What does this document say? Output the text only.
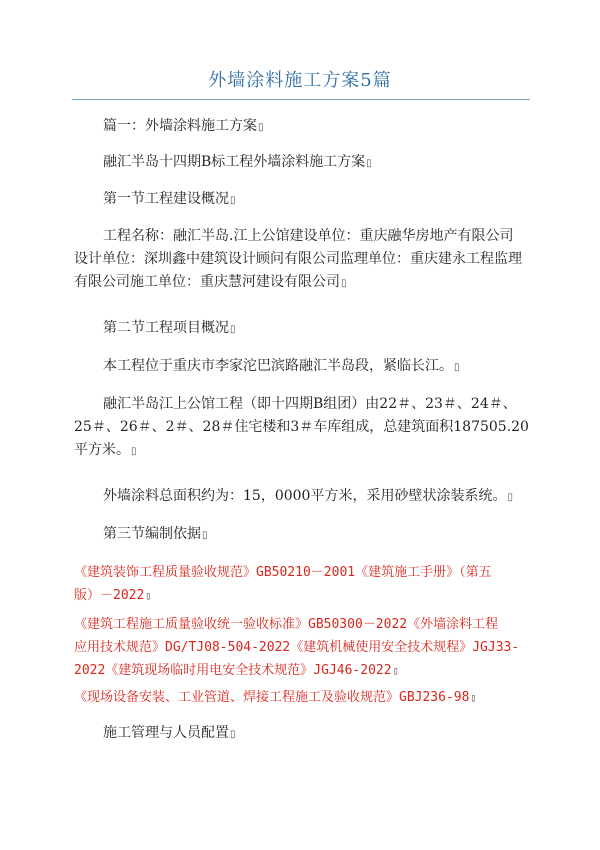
外墙涂料施工方案5篇
篇一：外墙涂料施工方案▯
融汇半岛十四期B标工程外墙涂料施工方案▯
第一节工程建设概况▯
工程名称：融汇半岛.江上公馆建设单位：重庆融华房地产有限公司
设计单位：深圳鑫中建筑设计顾问有限公司监理单位：重庆建永工程监理
有限公司施工单位：重庆慧河建设有限公司▯
第二节工程项目概况▯
本工程位于重庆市李家沱巴滨路融汇半岛段，紧临长江。▯
融汇半岛江上公馆工程（即十四期B组团）由22＃、23＃、24＃、
25＃、26＃、2＃、28＃住宅楼和3＃车库组成，总建筑面积187505.20
平方米。▯
外墙涂料总面积约为：15，0000平方米，采用砂壁状涂装系统。▯
第三节编制依据▯
《建筑装饰工程质量验收规范》GB50210－2001《建筑施工手册》（第五
版）－2022▯
《建筑工程施工质量验收统一验收标准》GB50300－2022《外墙涂料工程
应用技术规范》DG/TJ08-504-2022《建筑机械使用安全技术规程》JGJ33-
2022《建筑现场临时用电安全技术规范》JGJ46-2022▯
《现场设备安装、工业管道、焊接工程施工及验收规范》GBJ236-98▯
施工管理与人员配置▯
